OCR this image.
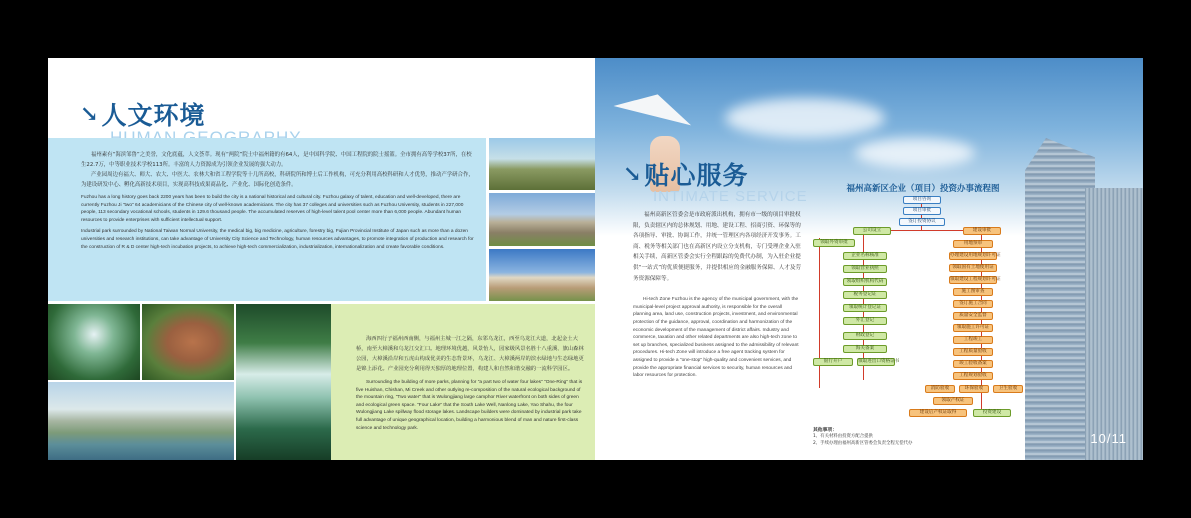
↘ 人文环境

福州素有“海滨邹鲁”之美誉，文化底蕴，人文荟萃。现有“两院”院士中福州籍的有64人，是中国科学院、中国工程院的院士摇篮。全市拥有高等学校37所，在校生22.7万，中等职业技术学校113所。丰富的人力资源成为引领企业发展的强大动力。

产业园周边有福大、师大、农大、中医大、农林大和省工程学院等十几所高校，科研院所和博士后工作机构，可充分利用高校科研和人才优势，推动产学研合作，为建设研发中心、孵化高新技术项目，实现高科技成果商品化、产业化、国际化创造条件。

Fuzhou has a long history goes back 2200 years has been to build the city is a national historical and cultural city. Fuzhou galaxy of talent, education and well-developed, there are currently Fuzhou Ji "two" 64 academicians of the Chinese city of well-known academicians. The city has 37 colleges and universities such as Fuzhou University, students in 227,000 people, 113 secondary vocational schools, students in 129.6 thousand people. The accumulated reserves of high-level talent pool center more than 6,000 people. Abundant human resources to provide enterprises with sufficient intellectual support.

Industrial park surrounded by National Taiwan Normal University, the medical big, big medicine, agriculture, forestry big, Fujian Provincial Institute of Japan such as more than a dozen universities and research institutions, can take advantage of University City Science and Technology, human resources advantages, to promote integration of production and research for the construction of R & D center high-tech incubation projects, to achieve high-tech commercialization, industrialization, internationalization and create favorable conditions.

海西四行子福州西南侧，与福州主城一江之隔，东邻乌龙江，西至乌龙江大道，北起金土大桥，南至大樟溪和乌龙江交汇口。地理环境优越，风景怡人，园家级风景名胜十八重溪、旗山森林公园，大樟溪沿岸和五虎山构成优美的生态背景环，乌龙江、大樟溪两岸的滨水绿地与生态绿地更是锦上添花。产业园充分利用得天独厚的地理位置，构建人和自然和谐交融的一流科学园区。

Surrounding the building of more parks, planning for "a part two of water four lakes" "One-Ring" that is five Huishan, Chishan, Mi Creek and other outlying re-composition of the natural ecological background of the mountain ring, "Two water" that is Wulongjiang large camphor River waterfront on both sides of green and ecological green space. "Four Lake" that the South Lake Well, Nanlong Lake, Yao Shahu, the four Wulongjiang Lake spillway flood storage lakes. Landscape builders were dominated by industrial park take full advantage of unique geographical location, building a harmonious blend of man and nature first-class science and technology park.

↘ 贴心服务
INTIMATE SERVICE

福州高新区管委会是市政府派出机构，拥有市一级的项目审批权限，负责辖区内的总体规划、用地、建设工程、招商引资、环保等的各项指导、审批、协调工作，并统一管理区内各项经济开发事务。工商、税务等相关部门也在高新区内设立分支机构，专门受理企业入驻相关手续，高新区管委会实行全程跟踪的免费代办制，为入驻企业提供“一站式”的优质便捷服务，并提供相应的金融服务保障、人才及劳务资源保障等。

Hi-tech Zone Fuzhou is the agency of the municipal government, with the municipal-level project approval authority, is responsible for the overall planning area, land use, construction projects, investment, and environmental protection of the guidance, approval, coordination and harmonization of the economic development of the management of district affairs. Industry and commerce, taxation and other related departments are also high-tech zone to set up branches, specialized business assigned to the admissibility of relevant procedures. Hi-tech Zone will introduce a free agent tracking system for assigned to provide a "one-stop" high-quality and convenient services, and provide the appropriate financial services to security, human resources and labor resources for protection.

福州高新区企业（项目）投资办事流程图
项目咨询
项目审批
签订投资协议
公司设立	建设审批
领取外资审批
企业名称核准
领取营业执照
领取组织机构代码
税务登记证
领取统计登记证
外汇登记
财政登记
海关备案
银行开户	领取进出口资格证书
用地预审
办理建设用地规划许可证
领取国有土地使用证
领取建设工程规划许可证
施工图审查
签订施工合同
质量安全监督
领取施工许可证
工程竣工
工程质量验收
竣工验收备案
工程规划验收
消防验收	环保验收	卫生验收
领取产权证
建设后产权证取得	投资建设
其他事项：
1、有关材料由投资方配合提供
2、手续办理由福州高新区管委会负责全程无偿代办	10/11
